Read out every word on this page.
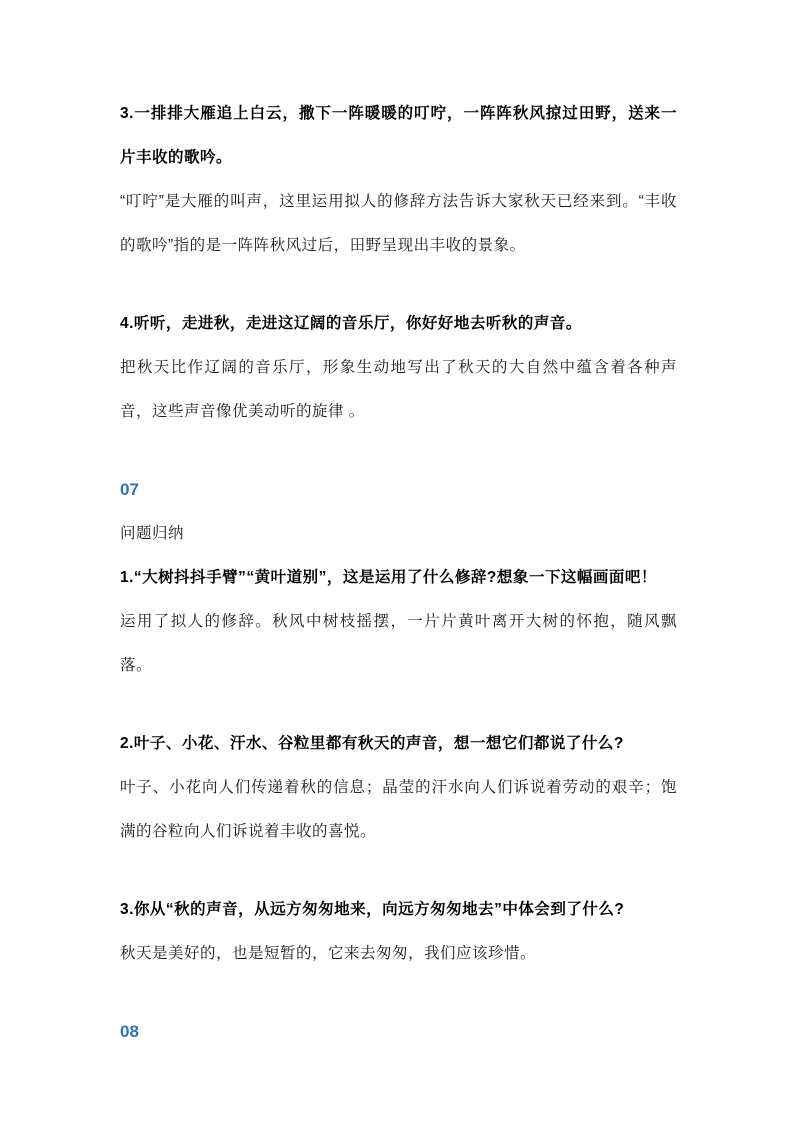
3.一排排大雁追上白云，撒下一阵暖暖的叮咛，一阵阵秋风掠过田野，送来一片丰收的歌吟。

“叮咛”是大雁的叫声，这里运用拟人的修辞方法告诉大家秋天已经来到。“丰收的歌吟”指的是一阵阵秋风过后，田野呈现出丰收的景象。

4.听听，走进秋，走进这辽阔的音乐厅，你好好地去听秋的声音。

把秋天比作辽阔的音乐厅，形象生动地写出了秋天的大自然中蕴含着各种声音，这些声音像优美动听的旋律 。

07

问题归纳

1.“大树抖抖手臂”“黄叶道别”，这是运用了什么修辞?想象一下这幅画面吧！

运用了拟人的修辞。秋风中树枝摇摆，一片片黄叶离开大树的怀抱，随风飘落。

2.叶子、小花、汗水、谷粒里都有秋天的声音，想一想它们都说了什么?

叶子、小花向人们传递着秋的信息；晶莹的汗水向人们诉说着劳动的艰辛；饱满的谷粒向人们诉说着丰收的喜悦。

3.你从“秋的声音，从远方匆匆地来，向远方匆匆地去”中体会到了什么?

秋天是美好的，也是短暂的，它来去匆匆，我们应该珍惜。

08
